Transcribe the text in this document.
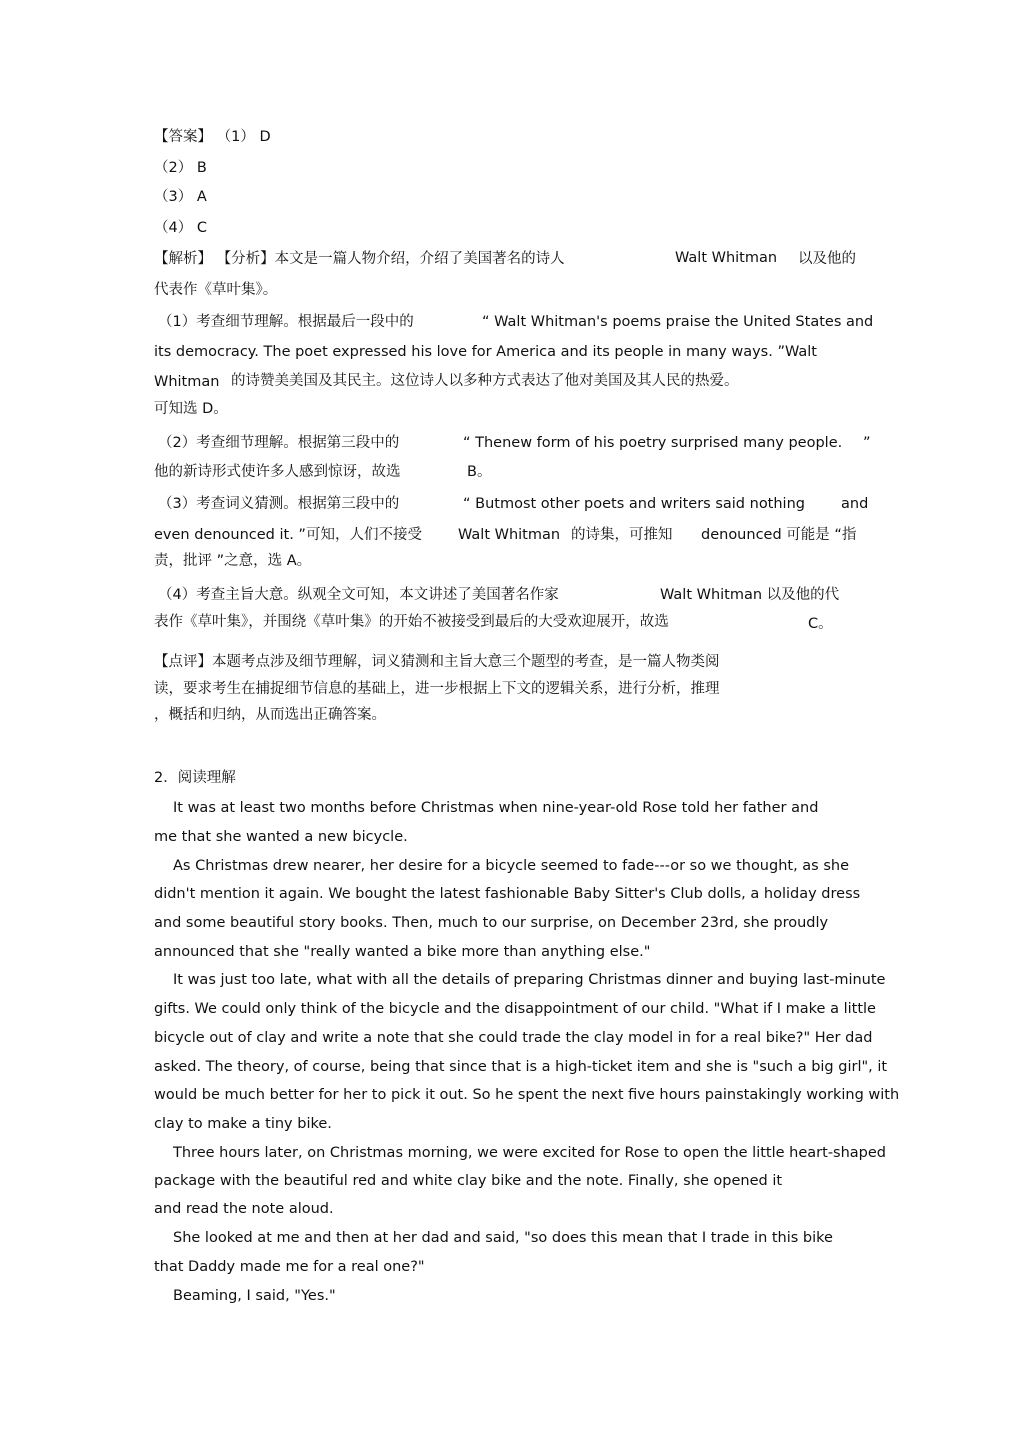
【答案】 （1） D
（2） B
（3） A
（4） C
【解析】 【分析】本文是一篇人物介绍，介绍了美国著名的诗人	Walt Whitman 以及他的
代表作《草叶集》。
（1）考查细节理解。根据最后一段中的	“ Walt Whitman's poems praise the United States and
its democracy. The poet expressed his love for America and its people in many ways. ”Walt
Whitman 的诗赞美美国及其民主。这位诗人以多种方式表达了他对美国及其人民的热爱。
可知选 D。
（2）考查细节理解。根据第三段中的	“ Thenew form of his poetry surprised many people. ”
他的新诗形式使许多人感到惊讶，故选	B。
（3）考查词义猜测。根据第三段中的	“ Butmost other poets and writers said nothing and
even denounced it. ”可知，人们不接受 Walt Whitman 的诗集，可推知 denounced 可能是 “指
责，批评 ”之意，选 A。
（4）考查主旨大意。纵观全文可知，本文讲述了美国著名作家	Walt Whitman 以及他的代
表作《草叶集》，并围绕《草叶集》的开始不被接受到最后的大受欢迎展开，故选	C。
【点评】本题考点涉及细节理解，词义猜测和主旨大意三个题型的考查，是一篇人物类阅
读，要求考生在捕捉细节信息的基础上，进一步根据上下文的逻辑关系，进行分析，推理
，概括和归纳，从而选出正确答案。
2．阅读理解
It was at least two months before Christmas when nine-year-old Rose told her father and
me that she wanted a new bicycle.
As Christmas drew nearer, her desire for a bicycle seemed to fade---or so we thought, as she
didn't mention it again. We bought the latest fashionable Baby Sitter's Club dolls, a holiday dress
and some beautiful story books. Then, much to our surprise, on December 23rd, she proudly
announced that she "really wanted a bike more than anything else."
It was just too late, what with all the details of preparing Christmas dinner and buying last-minute
gifts. We could only think of the bicycle and the disappointment of our child. "What if I make a little
bicycle out of clay and write a note that she could trade the clay model in for a real bike?" Her dad
asked. The theory, of course, being that since that is a high-ticket item and she is "such a big girl", it
would be much better for her to pick it out. So he spent the next five hours painstakingly working with
clay to make a tiny bike.
Three hours later, on Christmas morning, we were excited for Rose to open the little heart-shaped
package with the beautiful red and white clay bike and the note. Finally, she opened it
and read the note aloud.
She looked at me and then at her dad and said, "so does this mean that I trade in this bike
that Daddy made me for a real one?"
Beaming, I said, "Yes."
